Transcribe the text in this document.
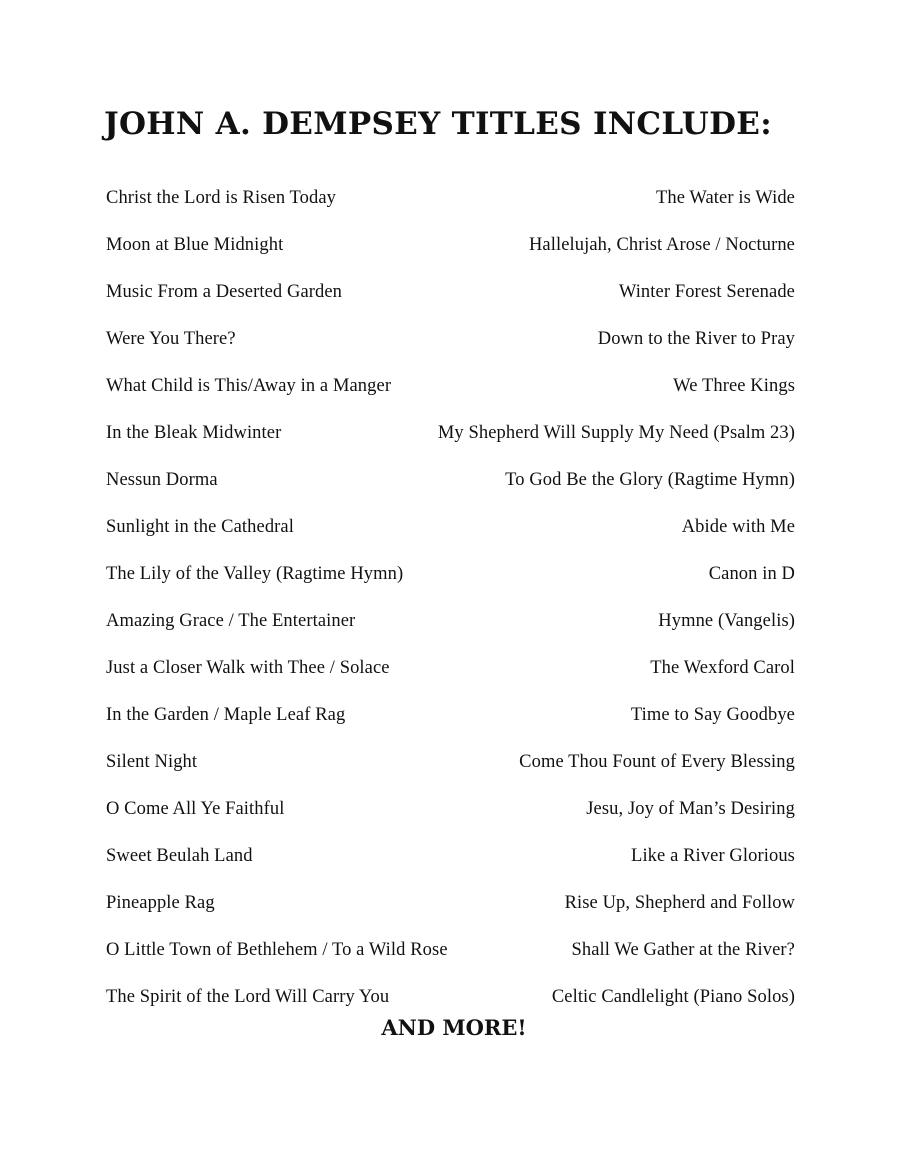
JOHN A. DEMPSEY TITLES INCLUDE:
Christ the Lord is Risen Today	The Water is Wide
Moon at Blue Midnight	Hallelujah, Christ Arose / Nocturne
Music From a Deserted Garden	Winter Forest Serenade
Were You There?	Down to the River to Pray
What Child is This/Away in a Manger	We Three Kings
In the Bleak Midwinter	My Shepherd Will Supply My Need (Psalm 23)
Nessun Dorma	To God Be the Glory (Ragtime Hymn)
Sunlight in the Cathedral	Abide with Me
The Lily of the Valley (Ragtime Hymn)	Canon in D
Amazing Grace / The Entertainer	Hymne (Vangelis)
Just a Closer Walk with Thee / Solace	The Wexford Carol
In the Garden / Maple Leaf Rag	Time to Say Goodbye
Silent Night	Come Thou Fount of Every Blessing
O Come All Ye Faithful	Jesu, Joy of Man’s Desiring
Sweet Beulah Land	Like a River Glorious
Pineapple Rag	Rise Up, Shepherd and Follow
O Little Town of Bethlehem / To a Wild Rose	Shall We Gather at the River?
The Spirit of the Lord Will Carry You	Celtic Candlelight (Piano Solos)
AND MORE!
